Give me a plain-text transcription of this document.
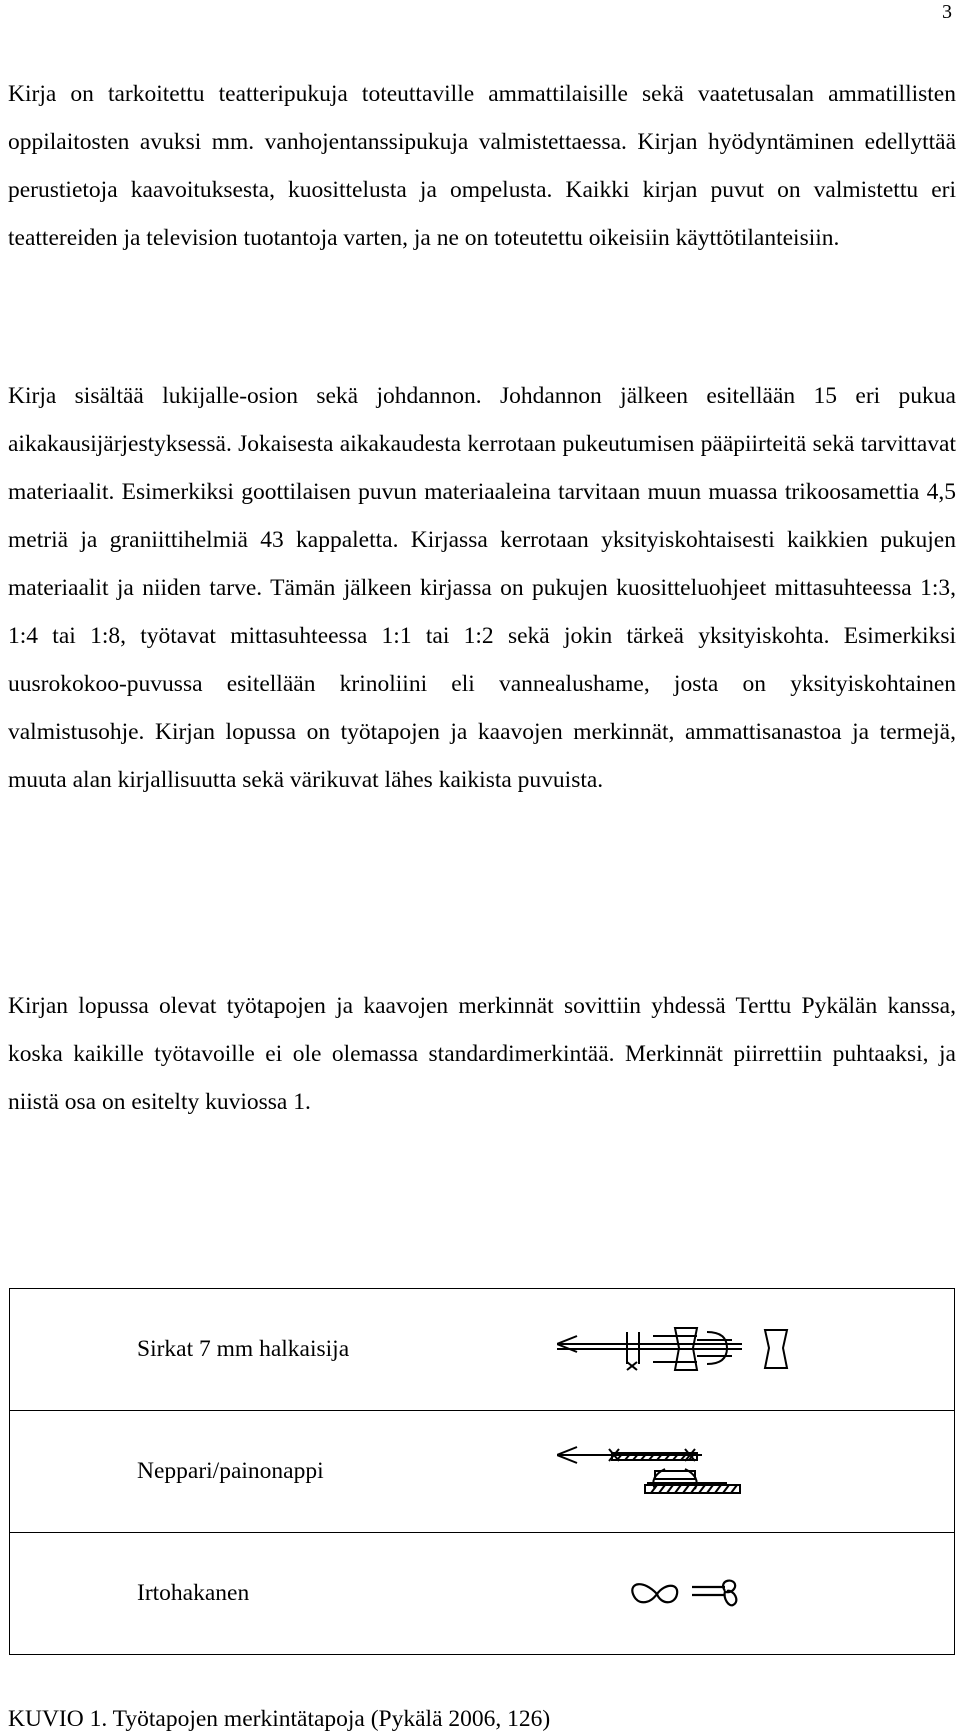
3

Kirja on tarkoitettu teatteripukuja toteuttaville ammattilaisille sekä vaatetusalan ammatillisten oppilaitosten avuksi mm. vanhojentanssipukuja valmistettaessa. Kirjan hyödyntäminen edellyttää perustietoja kaavoituksesta, kuosittelusta ja ompelusta. Kaikki kirjan puvut on valmistettu eri teattereiden ja television tuotantoja varten, ja ne on toteutettu oikeisiin käyttötilanteisiin.

Kirja sisältää lukijalle-osion sekä johdannon. Johdannon jälkeen esitellään 15 eri pukua aikakausijärjestyksessä. Jokaisesta aikakaudesta kerrotaan pukeutumisen pääpiirteitä sekä tarvittavat materiaalit. Esimerkiksi goottilaisen puvun materiaaleina tarvitaan muun muassa trikoosamettia 4,5 metriä ja graniittihelmiä 43 kappaletta. Kirjassa kerrotaan yksityiskohtaisesti kaikkien pukujen materiaalit ja niiden tarve. Tämän jälkeen kirjassa on pukujen kuositteluohjeet mittasuhteessa 1:3, 1:4 tai 1:8, työtavat mittasuhteessa 1:1 tai 1:2 sekä jokin tärkeä yksityiskohta. Esimerkiksi uusrokokoo-puvussa esitellään krinoliini eli vannealushame, josta on yksityiskohtainen valmistusohje. Kirjan lopussa on työtapojen ja kaavojen merkinnät, ammattisanastoa ja termejä, muuta alan kirjallisuutta sekä värikuvat lähes kaikista puvuista.

Kirjan lopussa olevat työtapojen ja kaavojen merkinnät sovittiin yhdessä Terttu Pykälän kanssa, koska kaikille työtavoille ei ole olemassa standardimerkintää. Merkinnät piirrettiin puhtaaksi, ja niistä osa on esitelty kuviossa 1.

Sirkat 7 mm halkaisija	

Neppari/painonappi	

Irtohakanen	

KUVIO 1. Työtapojen merkintätapoja (Pykälä 2006, 126)
